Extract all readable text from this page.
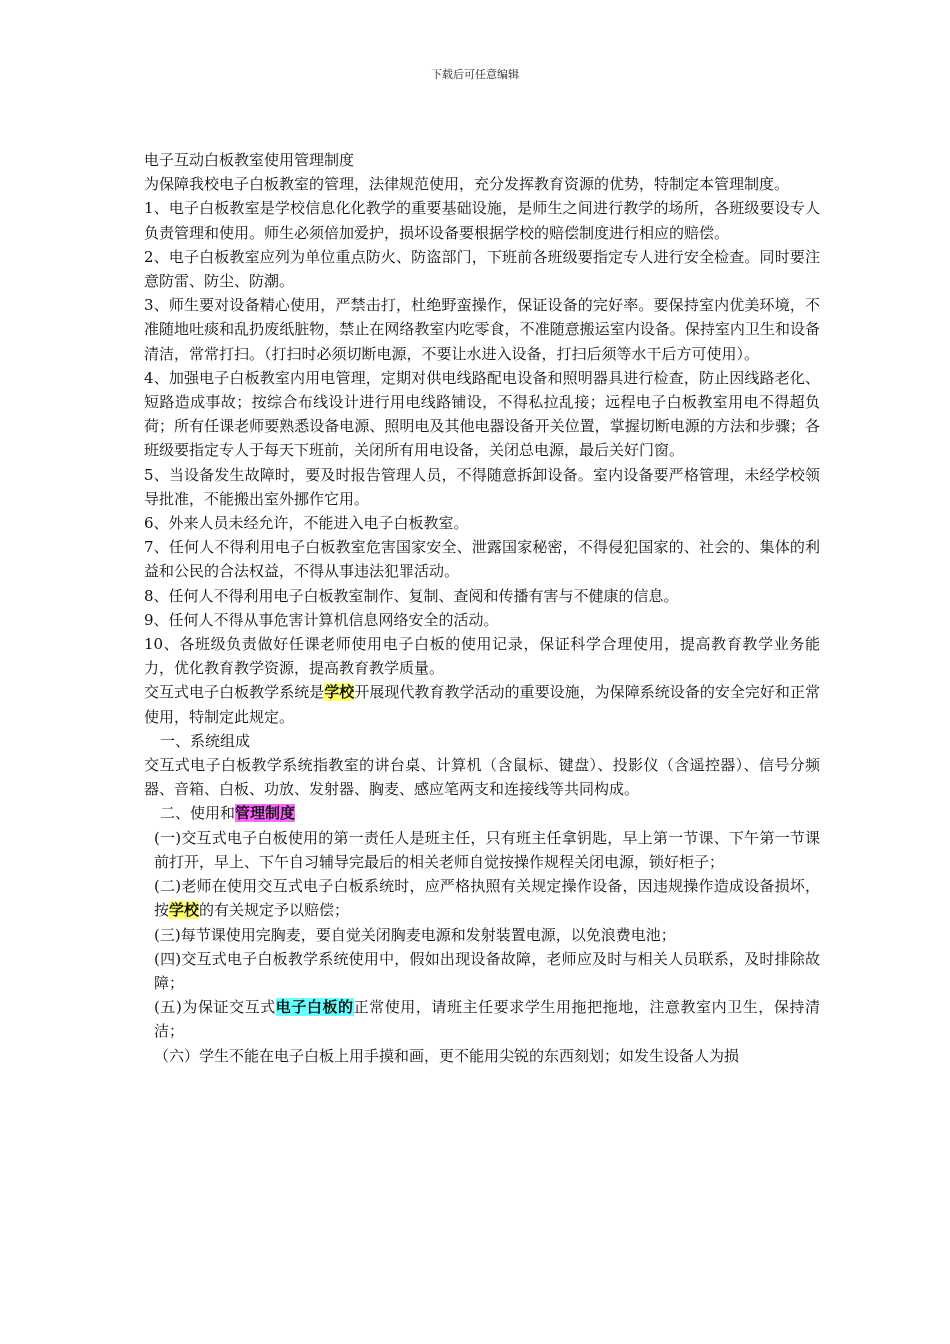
下载后可任意编辑

电子互动白板教室使用管理制度

为保障我校电子白板教室的管理，法律规范使用，充分发挥教育资源的优势，特制定本管理制度。

1、电子白板教室是学校信息化化教学的重要基础设施，是师生之间进行教学的场所，各班级要设专人负责管理和使用。师生必须倍加爱护，损坏设备要根据学校的赔偿制度进行相应的赔偿。

2、电子白板教室应列为单位重点防火、防盗部门，下班前各班级要指定专人进行安全检查。同时要注意防雷、防尘、防潮。

3、师生要对设备精心使用，严禁击打，杜绝野蛮操作，保证设备的完好率。要保持室内优美环境，不准随地吐痰和乱扔废纸脏物，禁止在网络教室内吃零食，不准随意搬运室内设备。保持室内卫生和设备清洁，常常打扫。（打扫时必须切断电源，不要让水进入设备，打扫后须等水干后方可使用）。

4、加强电子白板教室内用电管理，定期对供电线路配电设备和照明器具进行检查，防止因线路老化、短路造成事故；按综合布线设计进行用电线路铺设，不得私拉乱接；远程电子白板教室用电不得超负荷；所有任课老师要熟悉设备电源、照明电及其他电器设备开关位置，掌握切断电源的方法和步骤；各班级要指定专人于每天下班前，关闭所有用电设备，关闭总电源，最后关好门窗。

5、当设备发生故障时，要及时报告管理人员，不得随意拆卸设备。室内设备要严格管理，未经学校领导批准，不能搬出室外挪作它用。

6、外来人员未经允许，不能进入电子白板教室。

7、任何人不得利用电子白板教室危害国家安全、泄露国家秘密，不得侵犯国家的、社会的、集体的利益和公民的合法权益，不得从事违法犯罪活动。

8、任何人不得利用电子白板教室制作、复制、查阅和传播有害与不健康的信息。

9、任何人不得从事危害计算机信息网络安全的活动。

10、各班级负责做好任课老师使用电子白板的使用记录，保证科学合理使用，提高教育教学业务能力，优化教育教学资源，提高教育教学质量。

交互式电子白板教学系统是学校开展现代教育教学活动的重要设施，为保障系统设备的安全完好和正常使用，特制定此规定。

一、系统组成

交互式电子白板教学系统指教室的讲台桌、计算机（含鼠标、键盘）、投影仪（含遥控器）、信号分频器、音箱、白板、功放、发射器、胸麦、感应笔两支和连接线等共同构成。

二、使用和管理制度

(一)交互式电子白板使用的第一责任人是班主任，只有班主任拿钥匙，早上第一节课、下午第一节课前打开，早上、下午自习辅导完最后的相关老师自觉按操作规程关闭电源，锁好柜子；

(二)老师在使用交互式电子白板系统时，应严格执照有关规定操作设备，因违规操作造成设备损坏，按学校的有关规定予以赔偿；

(三)每节课使用完胸麦，要自觉关闭胸麦电源和发射装置电源，以免浪费电池；

(四)交互式电子白板教学系统使用中，假如出现设备故障，老师应及时与相关人员联系，及时排除故障；

(五)为保证交互式电子白板的正常使用，请班主任要求学生用拖把拖地，注意教室内卫生，保持清洁；

（六）学生不能在电子白板上用手摸和画，更不能用尖锐的东西刻划；如发生设备人为损
